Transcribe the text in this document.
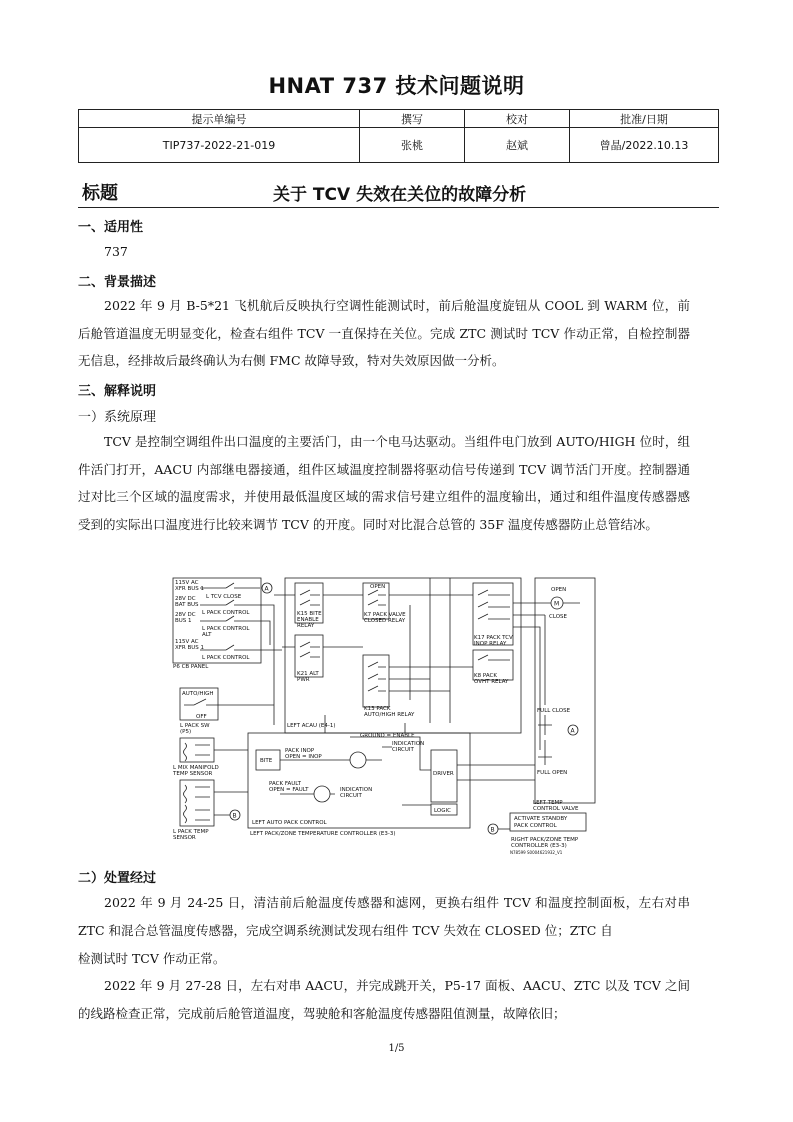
HNAT 737 技术问题说明
提示单编号	撰写	校对	批准/日期
TIP737-2022-21-019	张桃	赵斌	曾晶/2022.10.13
标题	关于 TCV 失效在关位的故障分析
一、适用性
737
二、背景描述
2022 年 9 月 B-5*21 飞机航后反映执行空调性能测试时，前后舱温度旋钮从 COOL 到 WARM 位，前后舱管道温度无明显变化，检查右组件 TCV 一直保持在关位。完成 ZTC 测试时 TCV 作动正常，自检控制器无信息，经排故后最终确认为右侧 FMC 故障导致，特对失效原因做一分析。
三、解释说明
一）系统原理
TCV 是控制空调组件出口温度的主要活门，由一个电马达驱动。当组件电门放到 AUTO/HIGH 位时，组件活门打开，AACU 内部继电器接通，组件区域温度控制器将驱动信号传递到 TCV 调节活门开度。控制器通过对比三个区域的温度需求，并使用最低温度区域的需求信号建立组件的温度输出，通过和组件温度传感器感受到的实际出口温度进行比较来调节 TCV 的开度。同时对比混合总管的 35F 温度传感器防止总管结冰。
115V AC
XFR BUS 1
28V DC
BAT BUS
28V DC
BUS 1
115V AC
XFR BUS 1
P6 CB PANEL
L TCV CLOSE
L PACK CONTROL
L PACK CONTROL
ALT
L PACK CONTROL
A
LEFT ACAU (E4-1)
K15 BITE
ENABLE
RELAY
K21 ALT
PWR
K7 PACK VALVE
CLOSED RELAY
K13 PACK
AUTO/HIGH RELAY
K17 PACK TCV
INOP RELAY
K8 PACK
OVHT RELAY
OPEN	OPEN
CLOSE
FULL CLOSE
FULL OPEN
LEFT TEMP
CONTROL VALVE
M
A
AUTO/HIGH
OFF
L PACK SW
(P5)
B
L MIX MANIFOLD
TEMP SENSOR
L PACK TEMP
SENSOR
GROUND = ENABLE
INDICATION
CIRCUIT
PACK INOP
OPEN = INOP
BITE
PACK FAULT
OPEN = FAULT	INDICATION
CIRCUIT
DRIVER
LOGIC
LEFT AUTO PACK CONTROL
LEFT PACK/ZONE TEMPERATURE CONTROLLER (E3-3)
ACTIVATE STANDBY
PACK CONTROL
RIGHT PACK/ZONE TEMP
CONTROLLER (E3-3)
N78599 S0004621932_V1
B
二）处置经过
2022 年 9 月 24-25 日，清洁前后舱温度传感器和滤网，更换右组件 TCV 和温度控制面板，左右对串 ZTC 和混合总管温度传感器，完成空调系统测试发现右组件 TCV 失效在 CLOSED 位；ZTC 自
检测试时 TCV 作动正常。
2022 年 9 月 27-28 日，左右对串 AACU，并完成跳开关，P5-17 面板、AACU、ZTC 以及 TCV 之间的线路检查正常，完成前后舱管道温度，驾驶舱和客舱温度传感器阻值测量，故障依旧；
1/5
